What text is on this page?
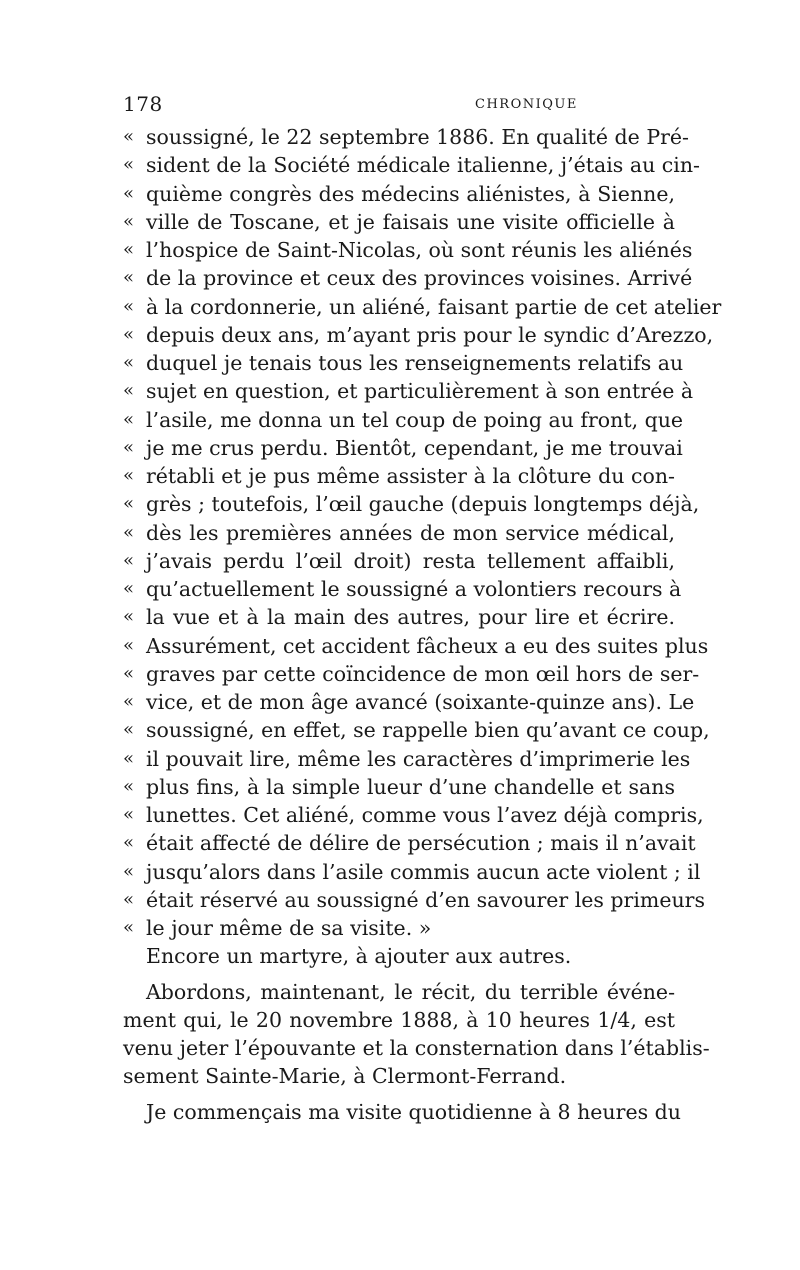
178	CHRONIQUE
« soussigné, le 22 septembre 1886. En qualité de Pré-
« sident de la Société médicale italienne, j’étais au cin-
« quième congrès des médecins aliénistes, à Sienne,
« ville de Toscane, et je faisais une visite officielle à
« l’hospice de Saint-Nicolas, où sont réunis les aliénés
« de la province et ceux des provinces voisines. Arrivé
« à la cordonnerie, un aliéné, faisant partie de cet atelier
« depuis deux ans, m’ayant pris pour le syndic d’Arezzo,
« duquel je tenais tous les renseignements relatifs au
« sujet en question, et particulièrement à son entrée à
« l’asile, me donna un tel coup de poing au front, que
« je me crus perdu. Bientôt, cependant, je me trouvai
« rétabli et je pus même assister à la clôture du con-
« grès ; toutefois, l’œil gauche (depuis longtemps déjà,
« dès les premières années de mon service médical,
« j’avais perdu l’œil droit) resta tellement affaibli,
« qu’actuellement le soussigné a volontiers recours à
« la vue et à la main des autres, pour lire et écrire.
« Assurément, cet accident fâcheux a eu des suites plus
« graves par cette coïncidence de mon œil hors de ser-
« vice, et de mon âge avancé (soixante-quinze ans). Le
« soussigné, en effet, se rappelle bien qu’avant ce coup,
« il pouvait lire, même les caractères d’imprimerie les
« plus fins, à la simple lueur d’une chandelle et sans
« lunettes. Cet aliéné, comme vous l’avez déjà compris,
« était affecté de délire de persécution ; mais il n’avait
« jusqu’alors dans l’asile commis aucun acte violent ; il
« était réservé au soussigné d’en savourer les primeurs
« le jour même de sa visite. »
Encore un martyre, à ajouter aux autres.
Abordons, maintenant, le récit, du terrible événe-
ment qui, le 20 novembre 1888, à 10 heures 1/4, est
venu jeter l’épouvante et la consternation dans l’établis-
sement Sainte-Marie, à Clermont-Ferrand.
Je commençais ma visite quotidienne à 8 heures du
